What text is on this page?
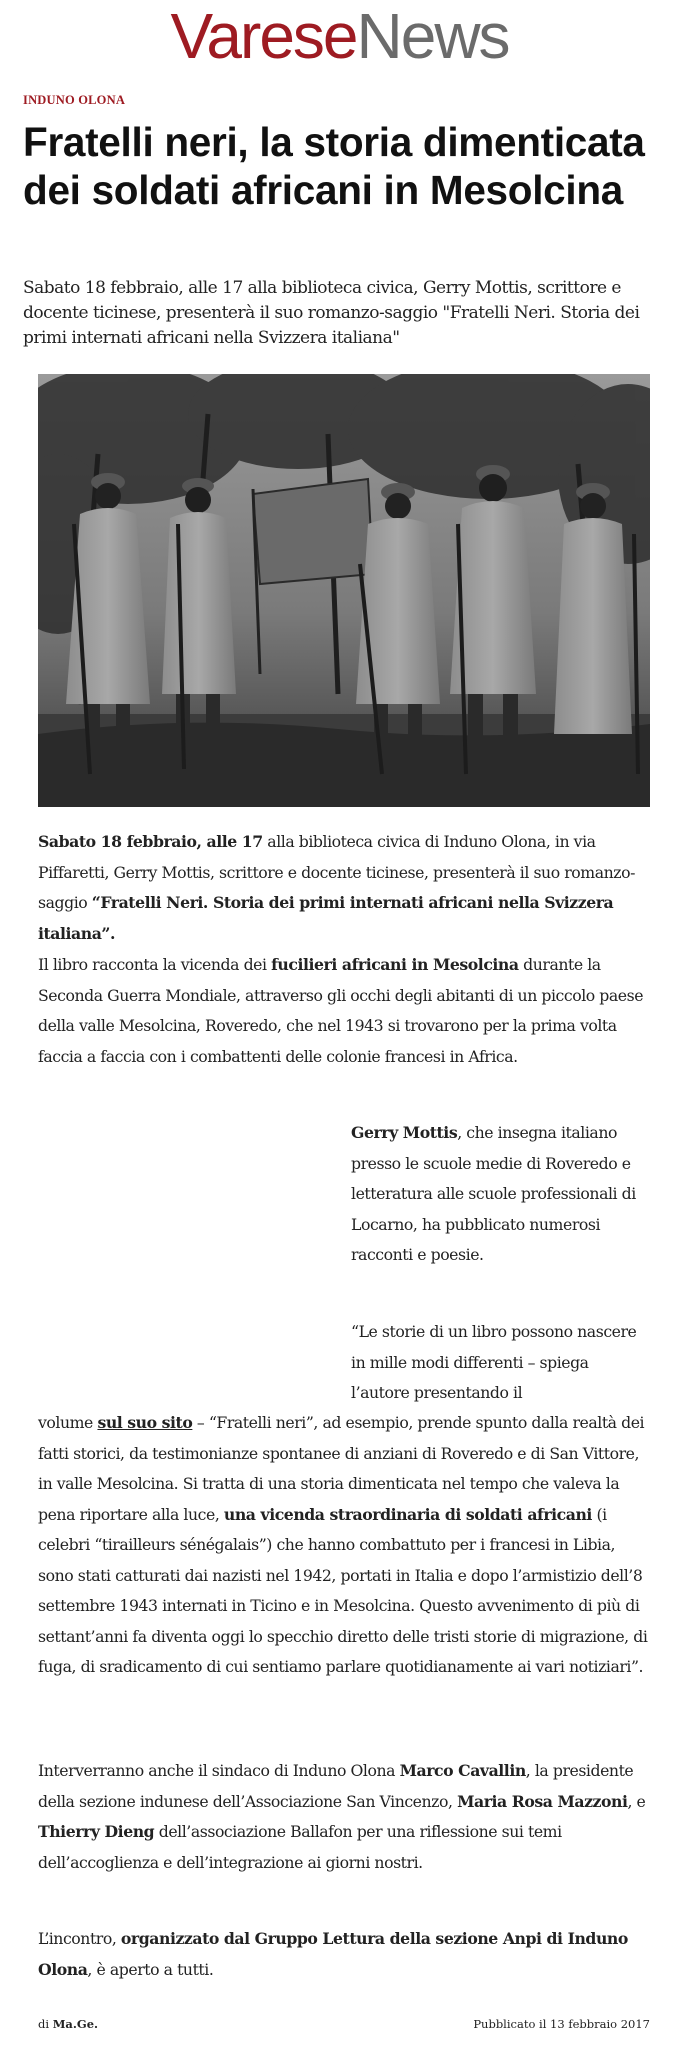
VareseNews
INDUNO OLONA
Fratelli neri, la storia dimenticata dei soldati africani in Mesolcina

Sabato 18 febbraio, alle 17 alla biblioteca civica, Gerry Mottis, scrittore e docente ticinese, presenterà il suo romanzo-saggio "Fratelli Neri. Storia dei primi internati africani nella Svizzera italiana"

Sabato 18 febbraio, alle 17 alla biblioteca civica di Induno Olona, in via Piffaretti, Gerry Mottis, scrittore e docente ticinese, presenterà il suo romanzo-saggio “Fratelli Neri. Storia dei primi internati africani nella Svizzera italiana”.

Il libro racconta la vicenda dei fucilieri africani in Mesolcina durante la Seconda Guerra Mondiale, attraverso gli occhi degli abitanti di un piccolo paese della valle Mesolcina, Roveredo, che nel 1943 si trovarono per la prima volta faccia a faccia con i combattenti delle colonie francesi in Africa.

Gerry Mottis, che insegna italiano presso le scuole medie di Roveredo e letteratura alle scuole professionali di Locarno, ha pubblicato numerosi racconti e poesie.

“Le storie di un libro possono nascere in mille modi differenti – spiega l’autore presentando il

volume sul suo sito – “Fratelli neri”, ad esempio, prende spunto dalla realtà dei fatti storici, da testimonianze spontanee di anziani di Roveredo e di San Vittore, in valle Mesolcina. Si tratta di una storia dimenticata nel tempo che valeva la pena riportare alla luce, una vicenda straordinaria di soldati africani (i celebri “tirailleurs sénégalais”) che hanno combattuto per i francesi in Libia, sono stati catturati dai nazisti nel 1942, portati in Italia e dopo l’armistizio dell’8 settembre 1943 internati in Ticino e in Mesolcina. Questo avvenimento di più di settant’anni fa diventa oggi lo specchio diretto delle tristi storie di migrazione, di fuga, di sradicamento di cui sentiamo parlare quotidianamente ai vari notiziari”.

Interverranno anche il sindaco di Induno Olona Marco Cavallin, la presidente della sezione indunese dell’Associazione San Vincenzo, Maria Rosa Mazzoni, e Thierry Dieng dell’associazione Ballafon per una riflessione sui temi dell’accoglienza e dell’integrazione ai giorni nostri.

L’incontro, organizzato dal Gruppo Lettura della sezione Anpi di Induno Olona, è aperto a tutti.

di Ma.Ge.	Pubblicato il 13 febbraio 2017
